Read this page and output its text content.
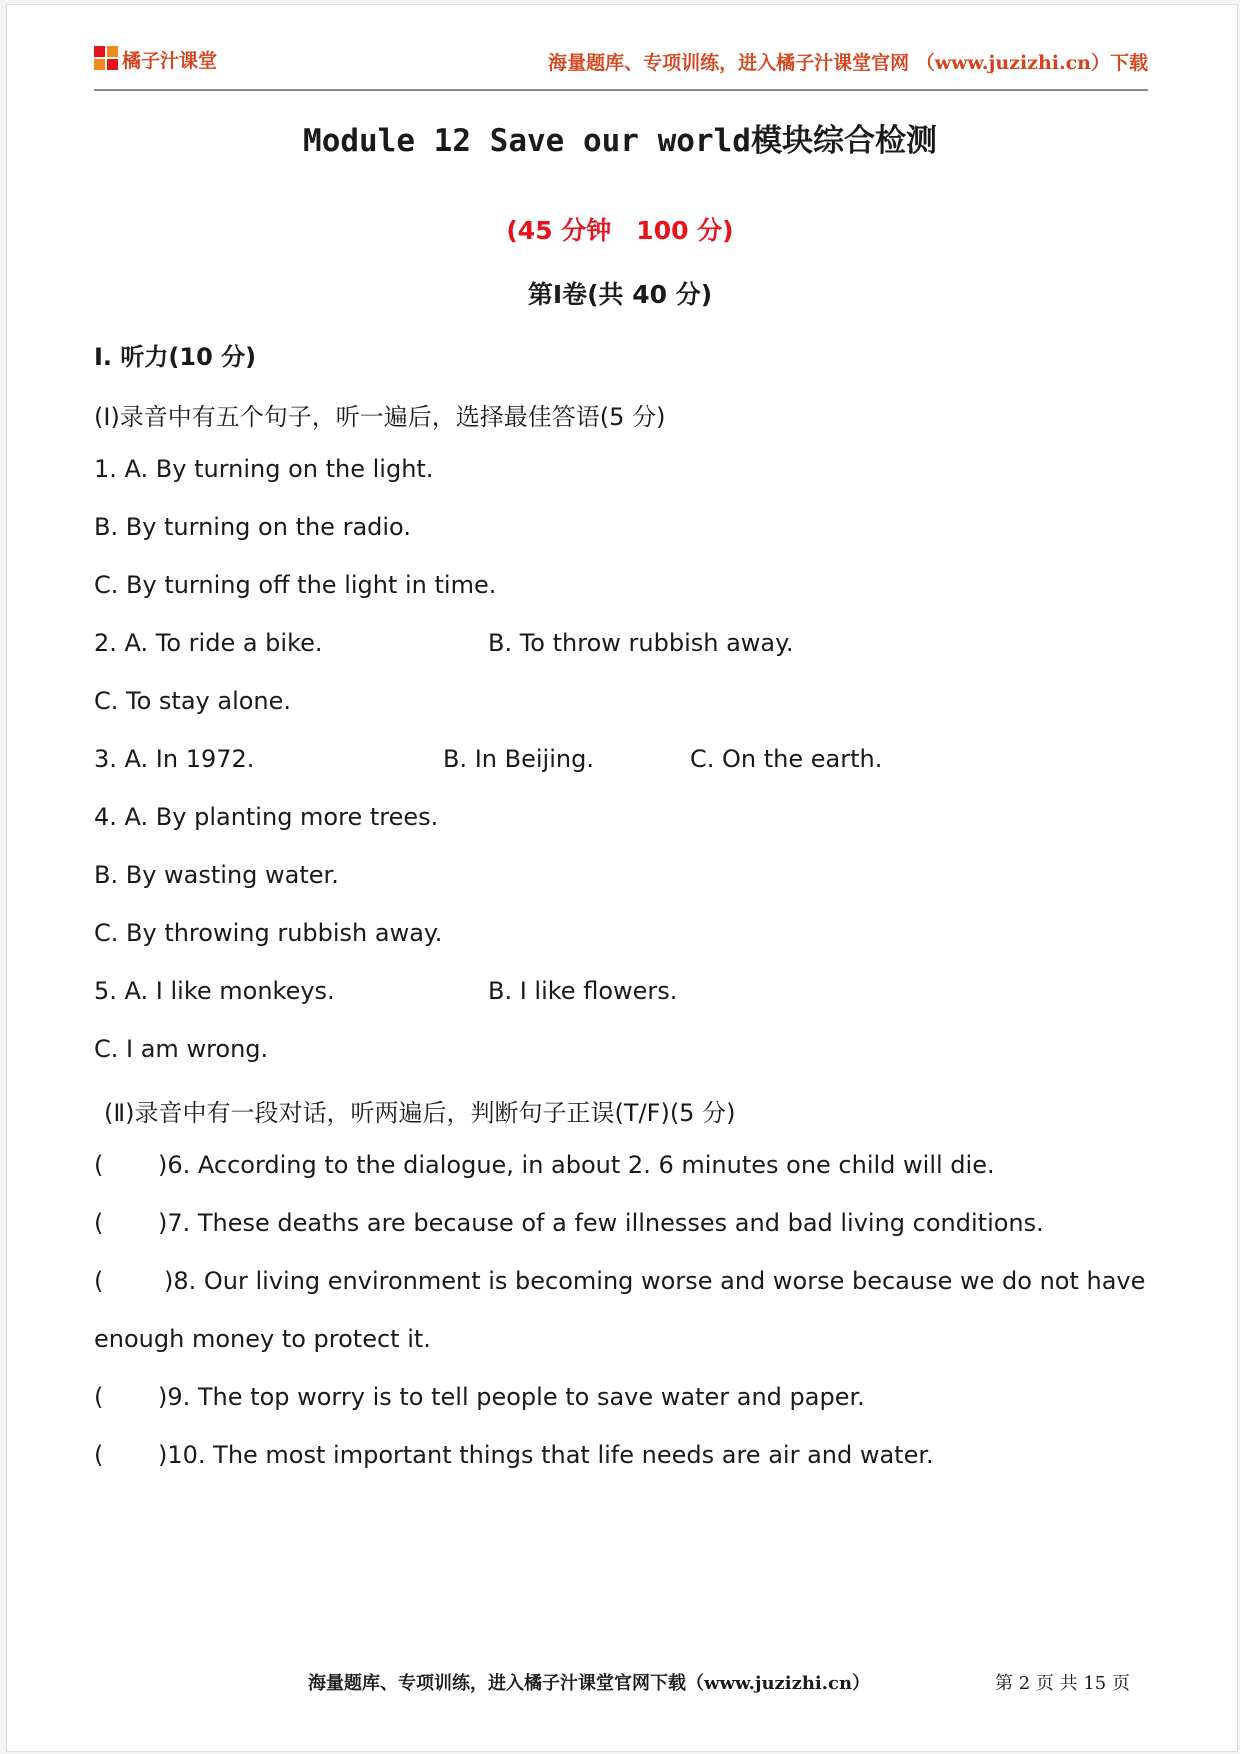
橘子汁课堂	海量题库、专项训练，进入橘子汁课堂官网 （www.juzizhi.cn）下载
Module 12 Save our world模块综合检测
(45 分钟　100 分)
第Ⅰ卷(共 40 分)
Ⅰ. 听力(10 分)
(Ⅰ)录音中有五个句子，听一遍后，选择最佳答语(5 分)
1. A. By turning on the light.
B. By turning on the radio.
C. By turning off the light in time.
2. A. To ride a bike.	B. To throw rubbish away.
C. To stay alone.
3. A. In 1972.	B. In Beijing.	C. On the earth.
4. A. By planting more trees.
B. By wasting water.
C. By throwing rubbish away.
5. A. I like monkeys.	B. I like flowers.
C. I am wrong.
(Ⅱ)录音中有一段对话，听两遍后，判断句子正误(T/F)(5 分)
( )6. According to the dialogue, in about 2. 6 minutes one child will die.
( )7. These deaths are because of a few illnesses and bad living conditions.
(	)8. Our living environment is becoming worse and worse because we do not have
enough money to protect it.
( )9. The top worry is to tell people to save water and paper.
( )10. The most important things that life needs are air and water.
海量题库、专项训练，进入橘子汁课堂官网下载（www.juzizhi.cn）	第 2 页 共 15 页
